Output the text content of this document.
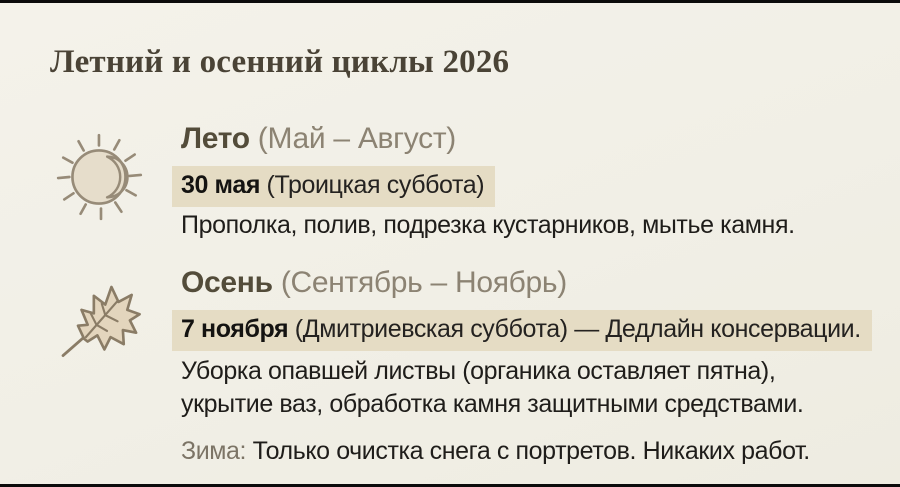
Летний и осенний циклы 2026
Лето (Май – Август)
30 мая (Троицкая суббота)

Прополка, полив, подрезка кустарников, мытье камня.

Осень (Сентябрь – Ноябрь)
7 ноября (Дмитриевская суббота) — Дедлайн консервации.

Уборка опавшей листвы (органика оставляет пятна), укрытие ваз, обработка камня защитными средствами.

Зима: Только очистка снега с портретов. Никаких работ.
